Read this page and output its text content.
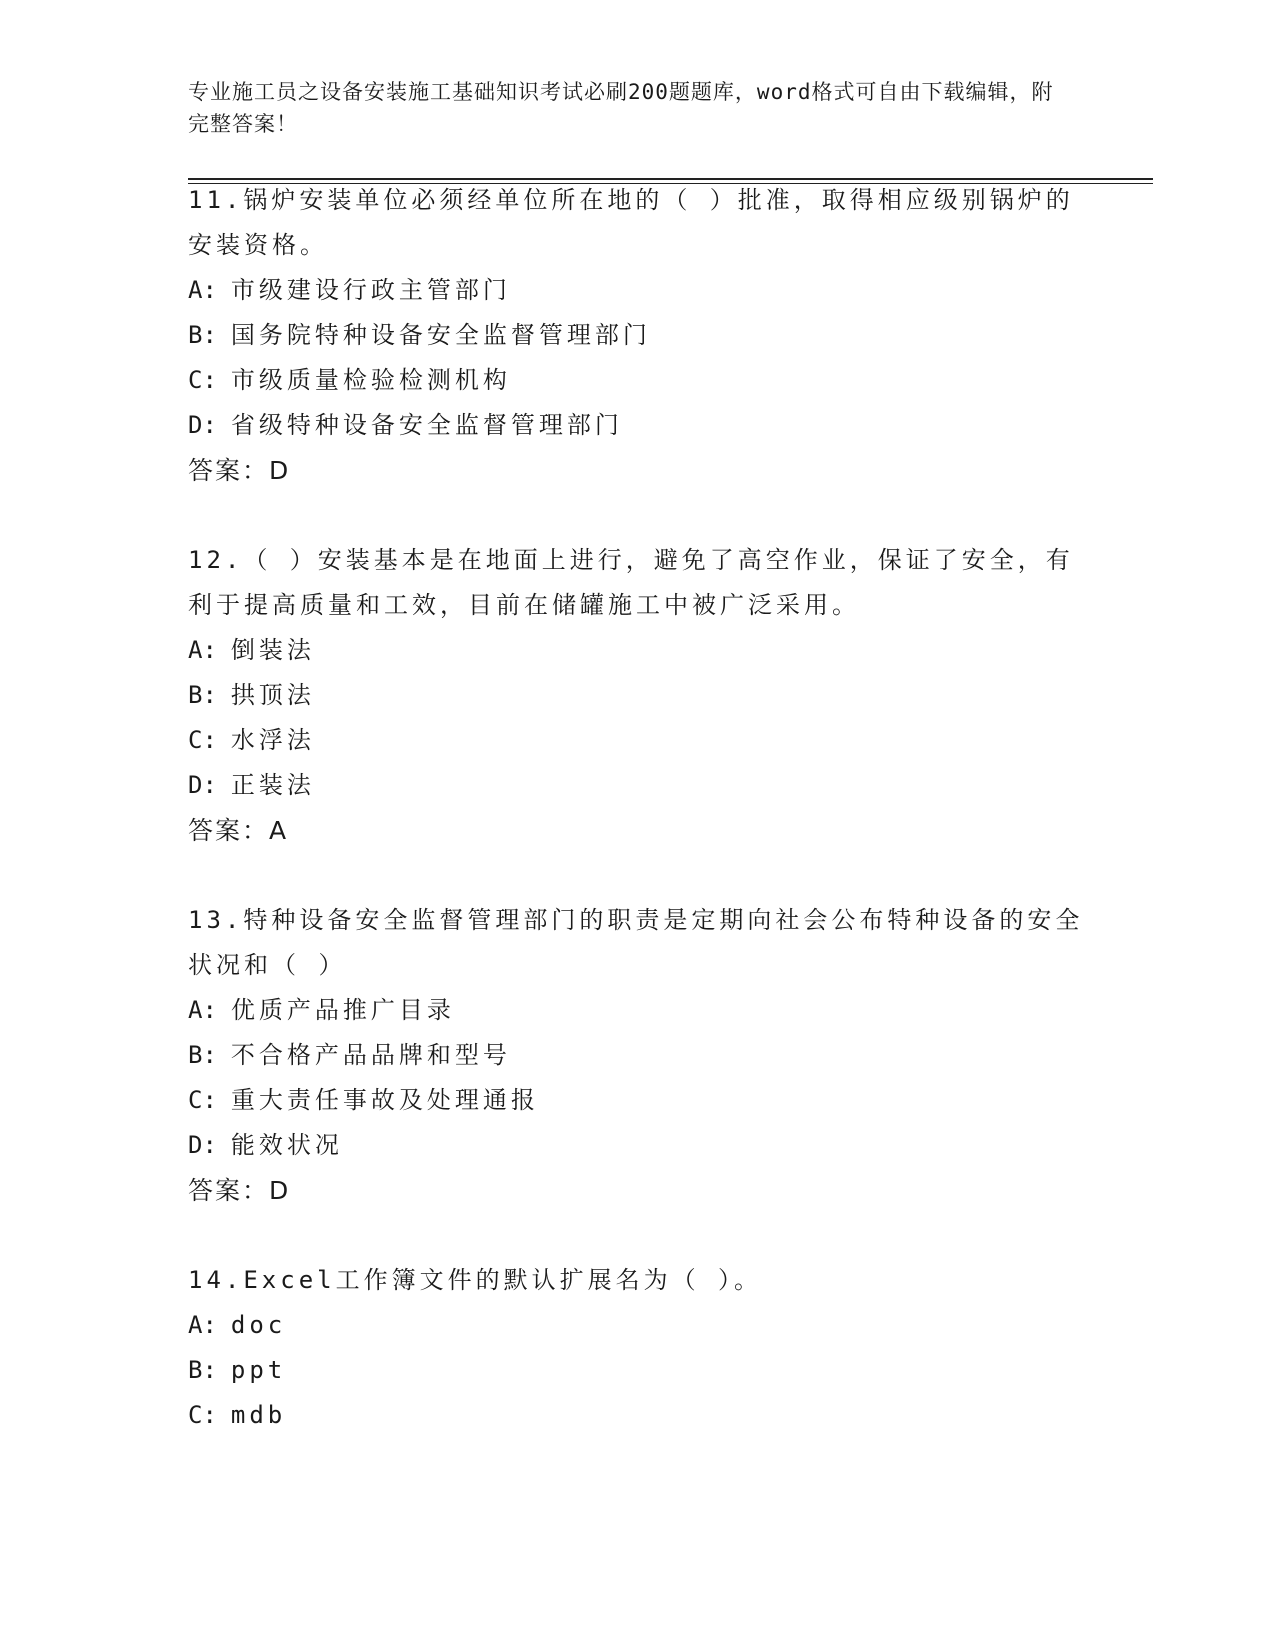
专业施工员之设备安装施工基础知识考试必刷200题题库，word格式可自由下载编辑，附完整答案！
11.锅炉安装单位必须经单位所在地的（ ）批准，取得相应级别锅炉的安装资格。
A: 市级建设行政主管部门
B: 国务院特种设备安全监督管理部门
C: 市级质量检验检测机构
D: 省级特种设备安全监督管理部门
答案：D
12.（ ）安装基本是在地面上进行，避免了高空作业，保证了安全，有利于提高质量和工效，目前在储罐施工中被广泛采用。
A: 倒装法
B: 拱顶法
C: 水浮法
D: 正装法
答案：A
13.特种设备安全监督管理部门的职责是定期向社会公布特种设备的安全状况和（ ）
A: 优质产品推广目录
B: 不合格产品品牌和型号
C: 重大责任事故及处理通报
D: 能效状况
答案：D
14.Excel工作簿文件的默认扩展名为（ ）。
A: doc
B: ppt
C: mdb
